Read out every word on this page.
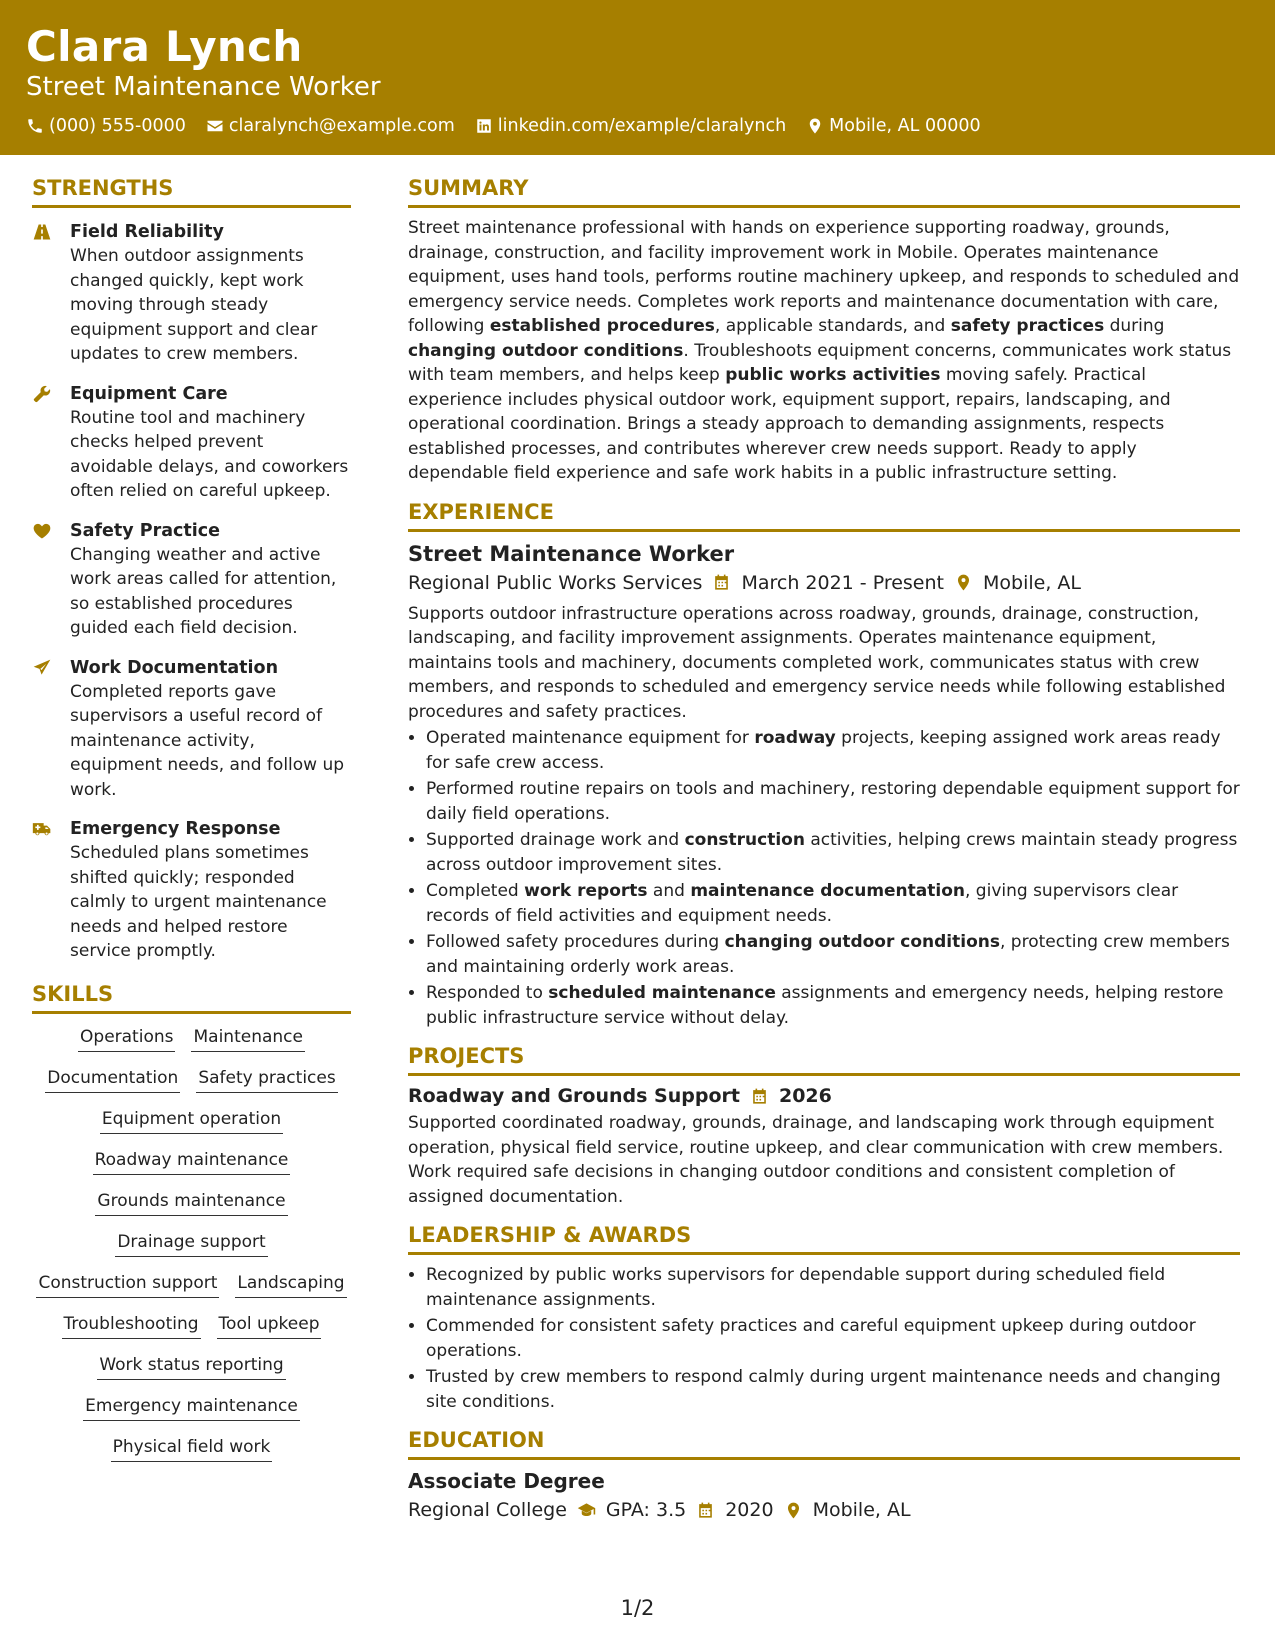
Clara Lynch
Street Maintenance Worker
(000) 555-0000 claralynch@example.com linkedin.com/example/claralynch Mobile, AL 00000
STRENGTHS
Field Reliability
When outdoor assignments changed quickly, kept work moving through steady equipment support and clear updates to crew members.
Equipment Care
Routine tool and machinery checks helped prevent avoidable delays, and coworkers often relied on careful upkeep.
Safety Practice
Changing weather and active work areas called for attention, so established procedures guided each field decision.
Work Documentation
Completed reports gave supervisors a useful record of maintenance activity, equipment needs, and follow up work.
Emergency Response
Scheduled plans sometimes shifted quickly; responded calmly to urgent maintenance needs and helped restore service promptly.
SKILLS
Operations Maintenance
Documentation Safety practices
Equipment operation
Roadway maintenance
Grounds maintenance
Drainage support
Construction support Landscaping
Troubleshooting Tool upkeep
Work status reporting
Emergency maintenance
Physical field work
SUMMARY

Street maintenance professional with hands on experience supporting roadway, grounds, drainage, construction, and facility improvement work in Mobile. Operates maintenance equipment, uses hand tools, performs routine machinery upkeep, and responds to scheduled and emergency service needs. Completes work reports and maintenance documentation with care, following established procedures, applicable standards, and safety practices during changing outdoor conditions. Troubleshoots equipment concerns, communicates work status with team members, and helps keep public works activities moving safely. Practical experience includes physical outdoor work, equipment support, repairs, landscaping, and operational coordination. Brings a steady approach to demanding assignments, respects established processes, and contributes wherever crew needs support. Ready to apply dependable field experience and safe work habits in a public infrastructure setting.

EXPERIENCE
Street Maintenance Worker
Regional Public Works Services March 2021 - Present Mobile, AL

Supports outdoor infrastructure operations across roadway, grounds, drainage, construction, landscaping, and facility improvement assignments. Operates maintenance equipment, maintains tools and machinery, documents completed work, communicates status with crew members, and responds to scheduled and emergency service needs while following established procedures and safety practices.

• Operated maintenance equipment for roadway projects, keeping assigned work areas ready for safe crew access.
• Performed routine repairs on tools and machinery, restoring dependable equipment support for daily field operations.
• Supported drainage work and construction activities, helping crews maintain steady progress across outdoor improvement sites.
• Completed work reports and maintenance documentation, giving supervisors clear records of field activities and equipment needs.
• Followed safety procedures during changing outdoor conditions, protecting crew members and maintaining orderly work areas.
• Responded to scheduled maintenance assignments and emergency needs, helping restore public infrastructure service without delay.
PROJECTS
Roadway and Grounds Support 2026

Supported coordinated roadway, grounds, drainage, and landscaping work through equipment operation, physical field service, routine upkeep, and clear communication with crew members. Work required safe decisions in changing outdoor conditions and consistent completion of assigned documentation.

LEADERSHIP & AWARDS
• Recognized by public works supervisors for dependable support during scheduled field maintenance assignments.
• Commended for consistent safety practices and careful equipment upkeep during outdoor operations.
• Trusted by crew members to respond calmly during urgent maintenance needs and changing site conditions.
EDUCATION
Associate Degree
Regional College GPA: 3.5 2020 Mobile, AL
1/2
